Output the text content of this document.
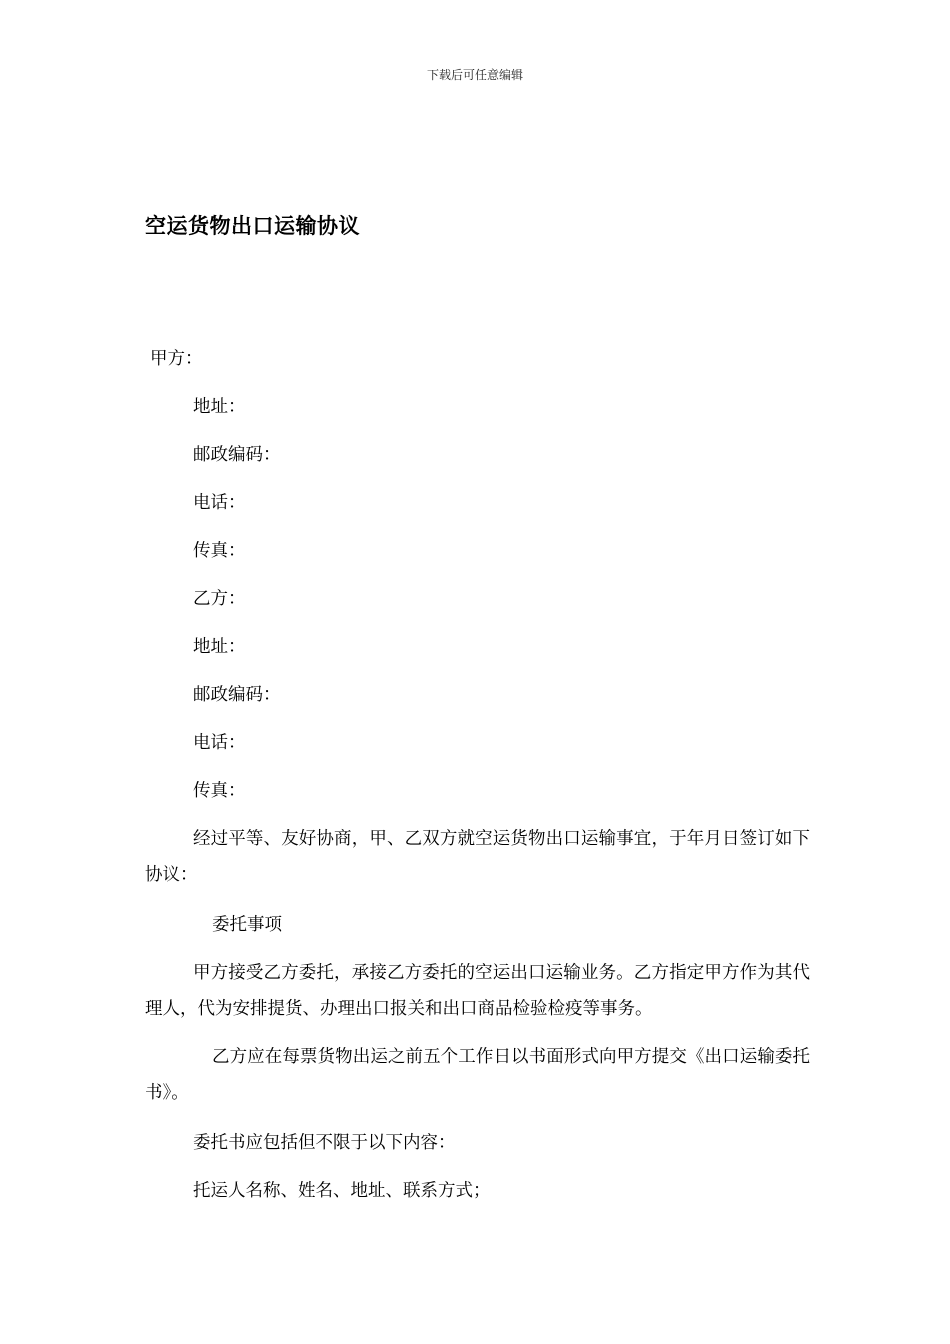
下载后可任意编辑
空运货物出口运输协议
甲方：
地址：
邮政编码：
电话：
传真：
乙方：
地址：
邮政编码：
电话：
传真：
经过平等、友好协商，甲、乙双方就空运货物出口运输事宜，于年月日签订如下协议：
委托事项
甲方接受乙方委托，承接乙方委托的空运出口运输业务。乙方指定甲方作为其代理人，代为安排提货、办理出口报关和出口商品检验检疫等事务。
乙方应在每票货物出运之前五个工作日以书面形式向甲方提交《出口运输委托书》。
委托书应包括但不限于以下内容：
托运人名称、姓名、地址、联系方式；
